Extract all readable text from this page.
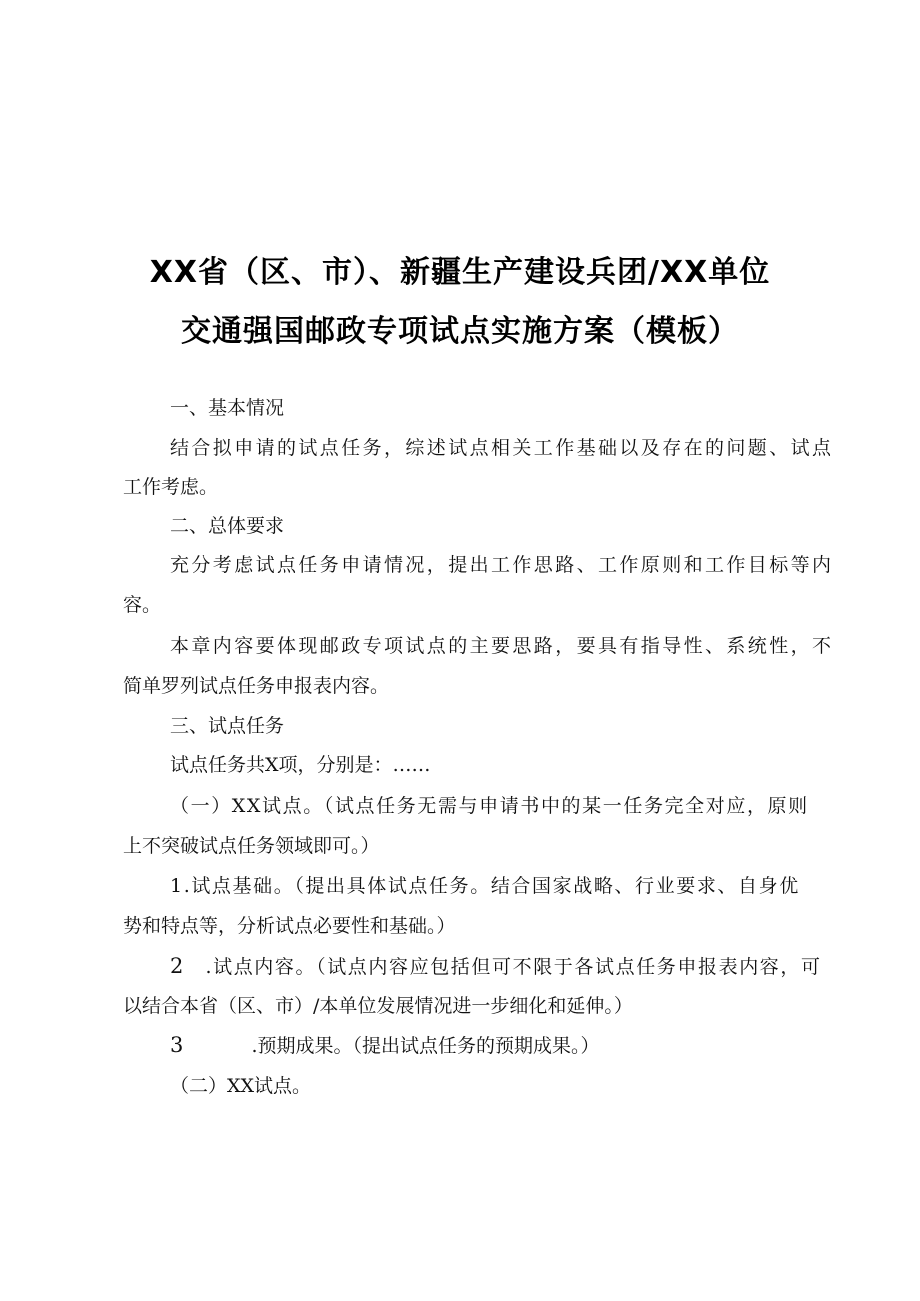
XX省（区、市）、新疆生产建设兵团/XX单位
交通强国邮政专项试点实施方案（模板）
一、基本情况
结合拟申请的试点任务，综述试点相关工作基础以及存在的问题、试点
工作考虑。
二、总体要求
充分考虑试点任务申请情况，提出工作思路、工作原则和工作目标等内
容。
本章内容要体现邮政专项试点的主要思路，要具有指导性、系统性，不
简单罗列试点任务申报表内容。
三、试点任务
试点任务共X项，分别是：……
（一）XX试点。（试点任务无需与申请书中的某一任务完全对应，原则
上不突破试点任务领域即可。）
1.试点基础。（提出具体试点任务。结合国家战略、行业要求、自身优
势和特点等，分析试点必要性和基础。）
2 .试点内容。（试点内容应包括但可不限于各试点任务申报表内容，可
以结合本省（区、市）/本单位发展情况进一步细化和延伸。）
3	.预期成果。（提出试点任务的预期成果。）
（二）XX试点。
